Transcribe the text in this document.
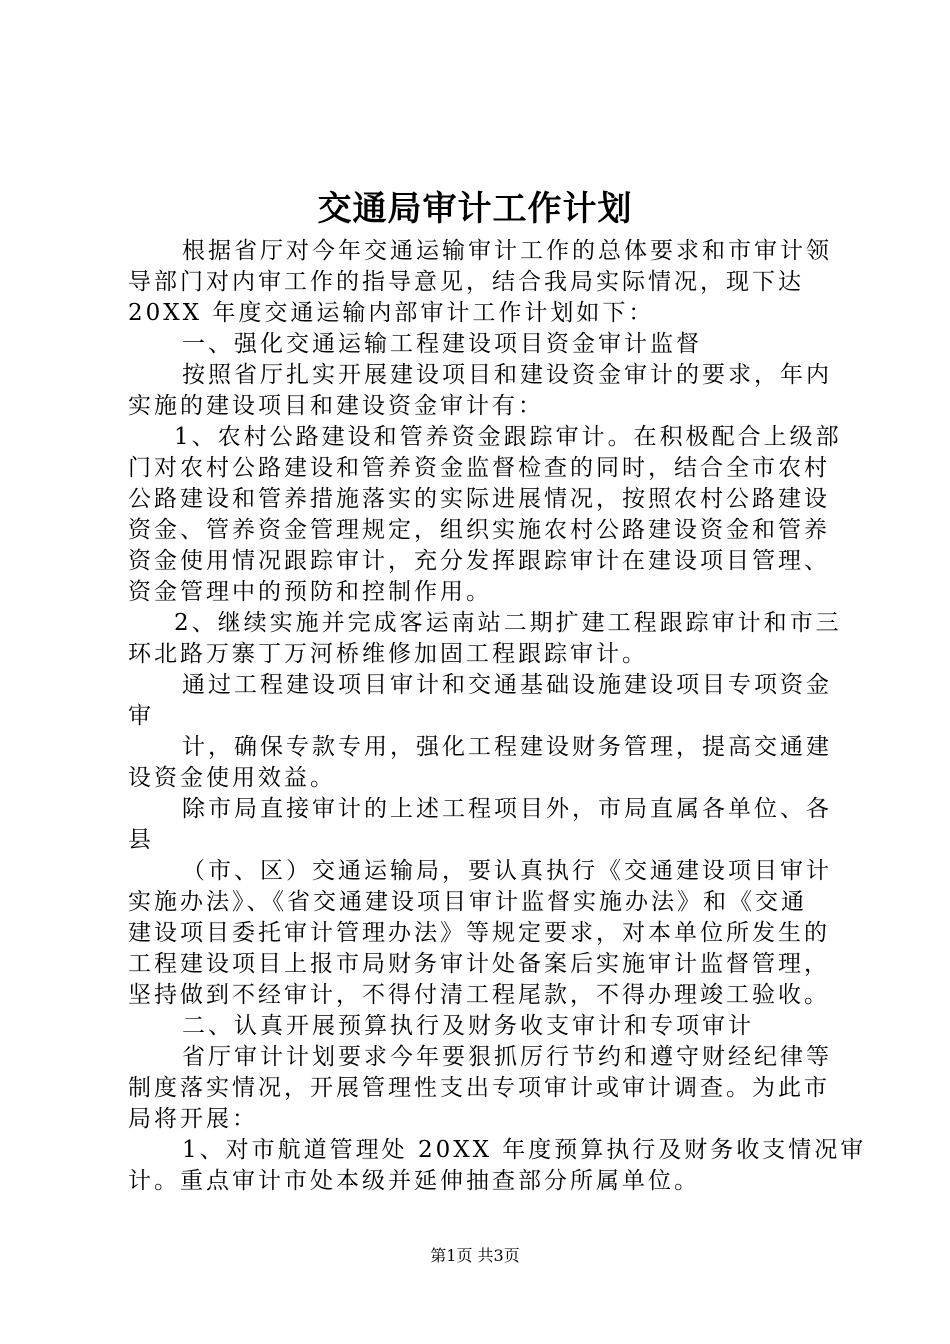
交通局审计工作计划
根据省厅对今年交通运输审计工作的总体要求和市审计领
导部门对内审工作的指导意见，结合我局实际情况，现下达
20XX 年度交通运输内部审计工作计划如下：
一、强化交通运输工程建设项目资金审计监督
按照省厅扎实开展建设项目和建设资金审计的要求，年内
实施的建设项目和建设资金审计有：
1、农村公路建设和管养资金跟踪审计。在积极配合上级部
门对农村公路建设和管养资金监督检查的同时，结合全市农村
公路建设和管养措施落实的实际进展情况，按照农村公路建设
资金、管养资金管理规定，组织实施农村公路建设资金和管养
资金使用情况跟踪审计，充分发挥跟踪审计在建设项目管理、
资金管理中的预防和控制作用。
2、继续实施并完成客运南站二期扩建工程跟踪审计和市三
环北路万寨丁万河桥维修加固工程跟踪审计。
通过工程建设项目审计和交通基础设施建设项目专项资金
审
计，确保专款专用，强化工程建设财务管理，提高交通建
设资金使用效益。
除市局直接审计的上述工程项目外，市局直属各单位、各
县
（市、区）交通运输局，要认真执行《交通建设项目审计
实施办法》、《省交通建设项目审计监督实施办法》和《交通
建设项目委托审计管理办法》等规定要求，对本单位所发生的
工程建设项目上报市局财务审计处备案后实施审计监督管理，
坚持做到不经审计，不得付清工程尾款，不得办理竣工验收。
二、认真开展预算执行及财务收支审计和专项审计
省厅审计计划要求今年要狠抓厉行节约和遵守财经纪律等
制度落实情况，开展管理性支出专项审计或审计调查。为此市
局将开展：
1、对市航道管理处 20XX 年度预算执行及财务收支情况审
计。重点审计市处本级并延伸抽查部分所属单位。
第1页 共3页
